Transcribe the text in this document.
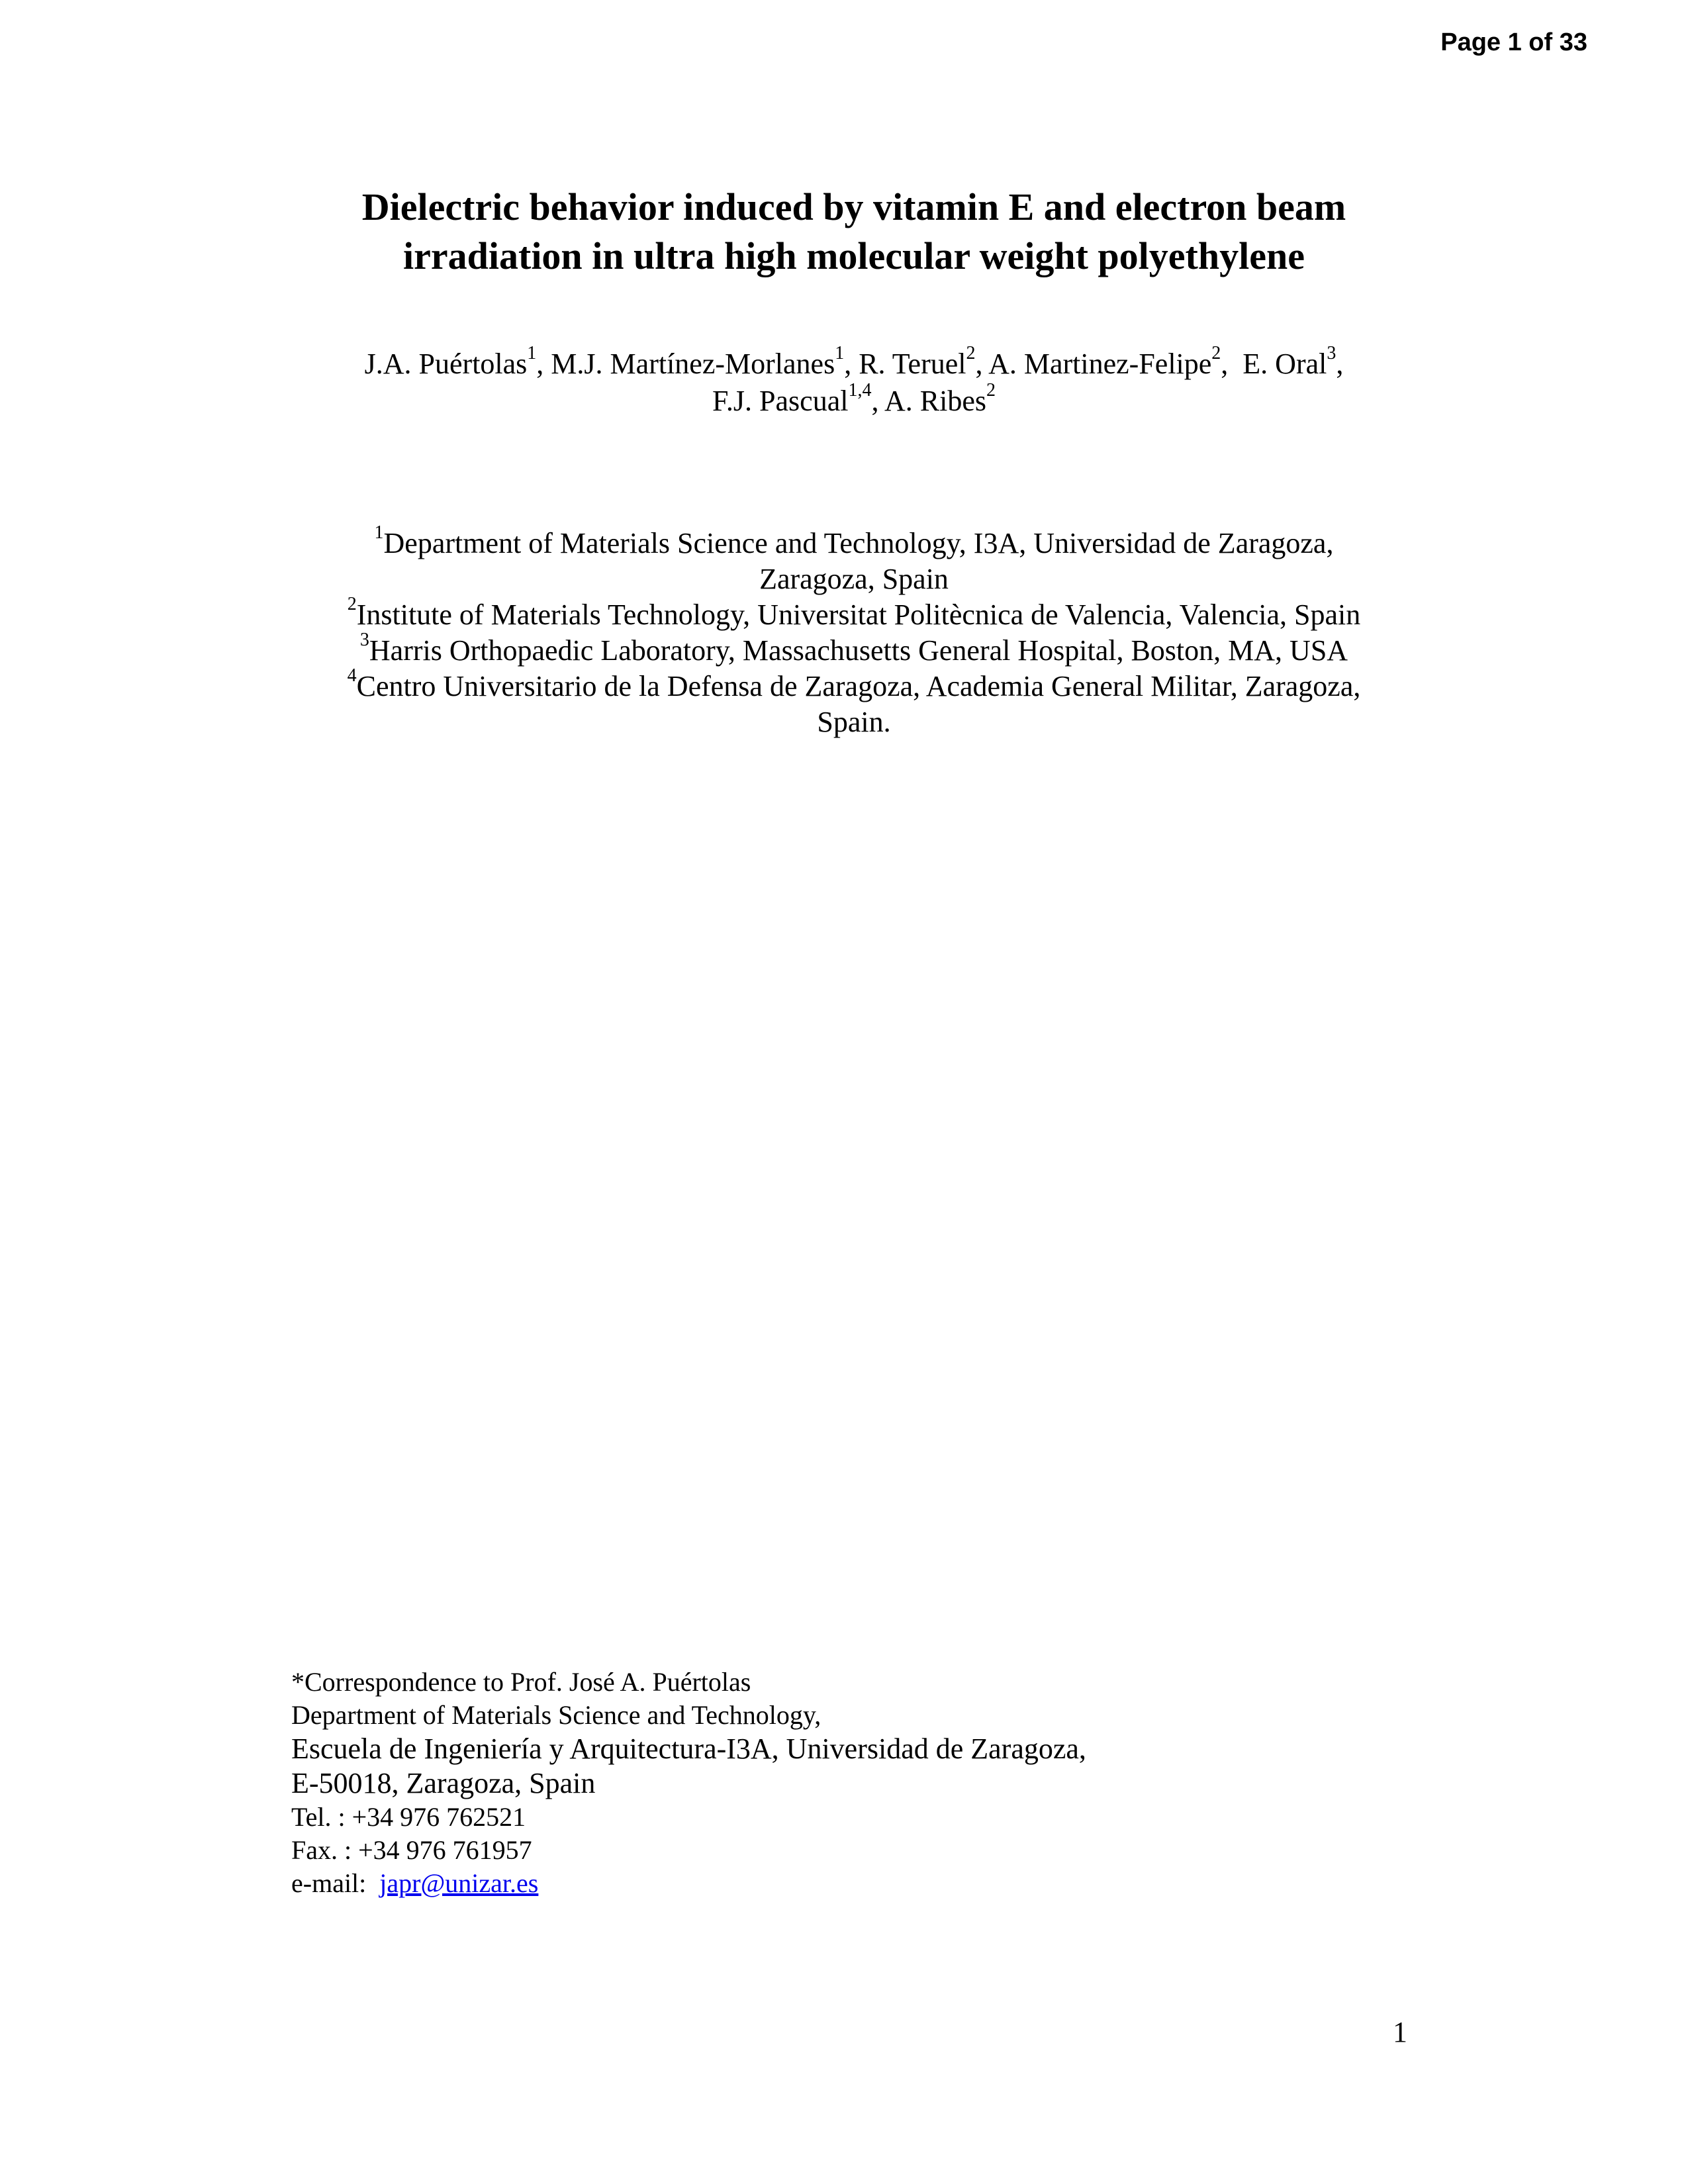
Page 1 of 33
Dielectric behavior induced by vitamin E and electron beam
irradiation in ultra high molecular weight polyethylene
J.A. Puértolas$^1$, M.J. Martínez-Morlanes$^1$, R. Teruel$^2$, A. Martinez-Felipe$^2$,  E. Oral$^3$,
F.J. Pascual$^{1,4}$, A. Ribes$^2$
$^1$Department of Materials Science and Technology, I3A, Universidad de Zaragoza,
Zaragoza, Spain
$^2$Institute of Materials Technology, Universitat Politècnica de Valencia, Valencia, Spain
$^3$Harris Orthopaedic Laboratory, Massachusetts General Hospital, Boston, MA, USA
$^4$Centro Universitario de la Defensa de Zaragoza, Academia General Militar, Zaragoza,
Spain.
*Correspondence to Prof. José A. Puértolas
Department of Materials Science and Technology,
Escuela de Ingeniería y Arquitectura-I3A, Universidad de Zaragoza,
E-50018, Zaragoza, Spain
Tel. : +34 976 762521
Fax. : +34 976 761957
e-mail:  japr@unizar.es
1
